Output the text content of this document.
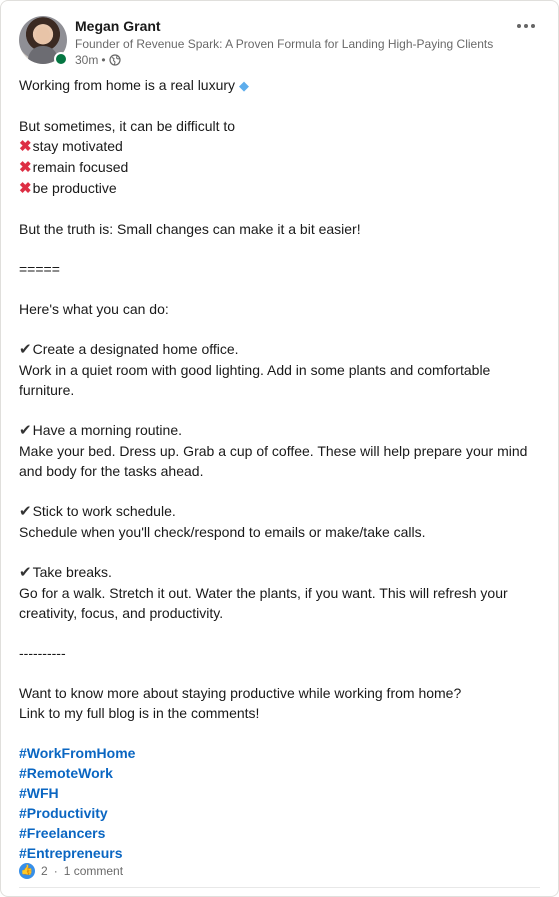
Megan Grant
Founder of Revenue Spark: A Proven Formula for Landing High-Paying Clients
30m •
Working from home is a real luxury ◆
But sometimes, it can be difficult to
✖stay motivated
✖remain focused
✖be productive
But the truth is: Small changes can make it a bit easier!
=====
Here's what you can do:
✔Create a designated home office.
Work in a quiet room with good lighting. Add in some plants and comfortable furniture.
✔Have a morning routine.
Make your bed. Dress up. Grab a cup of coffee. These will help prepare your mind and body for the tasks ahead.
✔Stick to work schedule.
Schedule when you'll check/respond to emails or make/take calls.
✔Take breaks.
Go for a walk. Stretch it out. Water the plants, if you want. This will refresh your creativity, focus, and productivity.
----------
Want to know more about staying productive while working from home?
Link to my full blog is in the comments!
#WorkFromHome
#RemoteWork
#WFH
#Productivity
#Freelancers
#Entrepreneurs
👍 2 · 1 comment
